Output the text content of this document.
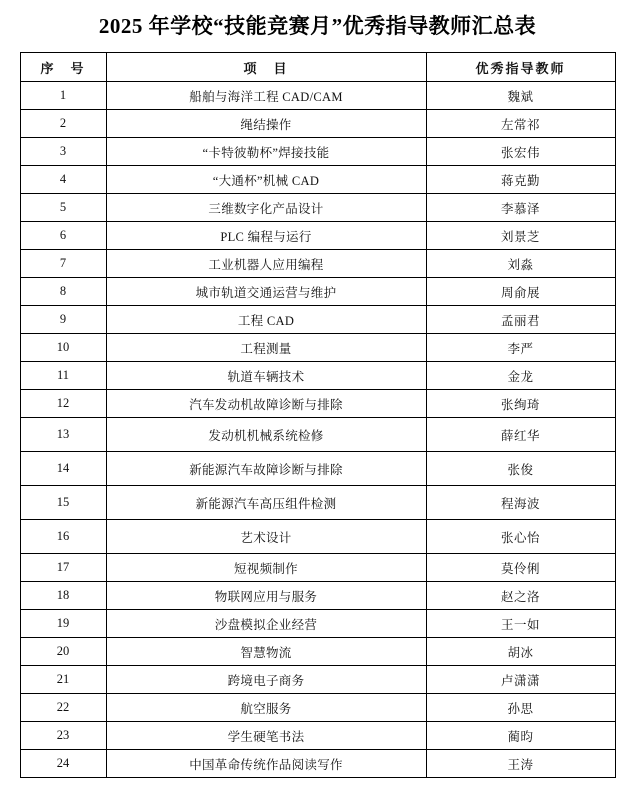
2025 年学校“技能竞赛月”优秀指导教师汇总表
序　号	项　目	优秀指导教师
1	船舶与海洋工程 CAD/CAM	魏斌
2	绳结操作	左常祁
3	“卡特彼勒杯”焊接技能	张宏伟
4	“大通杯”机械 CAD	蒋克勤
5	三维数字化产品设计	李慕泽
6	PLC 编程与运行	刘景芝
7	工业机器人应用编程	刘淼
8	城市轨道交通运营与维护	周俞展
9	工程 CAD	孟丽君
10	工程测量	李严
11	轨道车辆技术	金龙
12	汽车发动机故障诊断与排除	张绚琦
13	发动机机械系统检修	薛红华
14	新能源汽车故障诊断与排除	张俊
15	新能源汽车高压组件检测	程海波
16	艺术设计	张心怡
17	短视频制作	莫伶俐
18	物联网应用与服务	赵之洛
19	沙盘模拟企业经营	王一如
20	智慧物流	胡冰
21	跨境电子商务	卢潇潇
22	航空服务	孙思
23	学生硬笔书法	蔺昀
24	中国革命传统作品阅读写作	王涛
